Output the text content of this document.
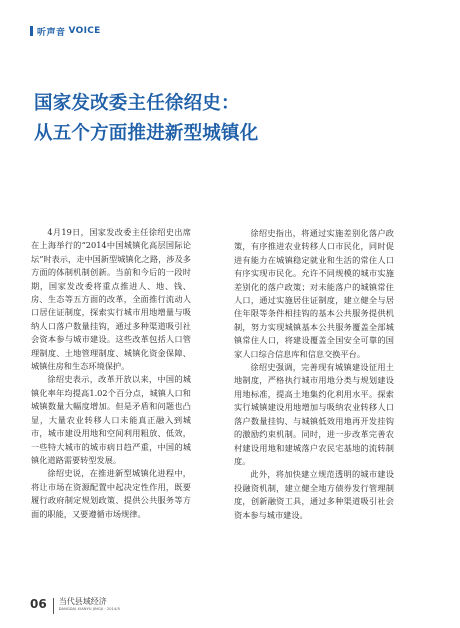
听声音 VOICE
国家发改委主任徐绍史：
从五个方面推进新型城镇化

4月19日，国家发改委主任徐绍史出席在上海举行的“2014中国城镇化高层国际论坛”时表示，走中国新型城镇化之路，涉及多方面的体制机制创新。当前和今后的一段时期，国家发改委将重点推进人、地、钱、房、生态等五方面的改革，全面推行流动人口居住证制度，探索实行城市用地增量与吸纳人口落户数量挂钩，通过多种渠道吸引社会资本参与城市建设。这些改革包括人口管理制度、土地管理制度、城镇化资金保障、城镇住房和生态环境保护。

徐绍史表示，改革开放以来，中国的城镇化率年均提高1.02个百分点，城镇人口和城镇数量大幅度增加。但是矛盾和问题也凸显，大量农业转移人口未能真正融入到城市，城市建设用地和空间利用粗放、低效，一些特大城市的城市病日趋严重，中国的城镇化道路需要转型发展。

徐绍史说，在推进新型城镇化进程中，将让市场在资源配置中起决定性作用，既要履行政府制定规划政策、提供公共服务等方面的职能，又要遵循市场规律。

徐绍史指出，将通过实施差别化落户政策，有序推进农业转移人口市民化，同时促进有能力在城镇稳定就业和生活的常住人口有序实现市民化。允许不同规模的城市实施差别化的落户政策；对未能落户的城镇常住人口，通过实施居住证制度，建立健全与居住年限等条件相挂钩的基本公共服务提供机制，努力实现城镇基本公共服务覆盖全部城镇常住人口，将建设覆盖全国安全可靠的国家人口综合信息库和信息交换平台。

徐绍史强调，完善现有城镇建设征用土地制度，严格执行城市用地分类与规划建设用地标准，提高土地集约化利用水平。探索实行城镇建设用地增加与吸纳农业转移人口落户数量挂钩、与城镇低效用地再开发挂钩的激励约束机制。同时，进一步改革完善农村建设用地和建城落户农民宅基地的流转制度。

此外，将加快建立规范透明的城市建设投融资机制，建立健全地方债券发行管理制度，创新融资工具，通过多种渠道吸引社会资本参与城市建设。

06 当代县域经济
DANGDAI XIANYU JINGJI · 2014/5
